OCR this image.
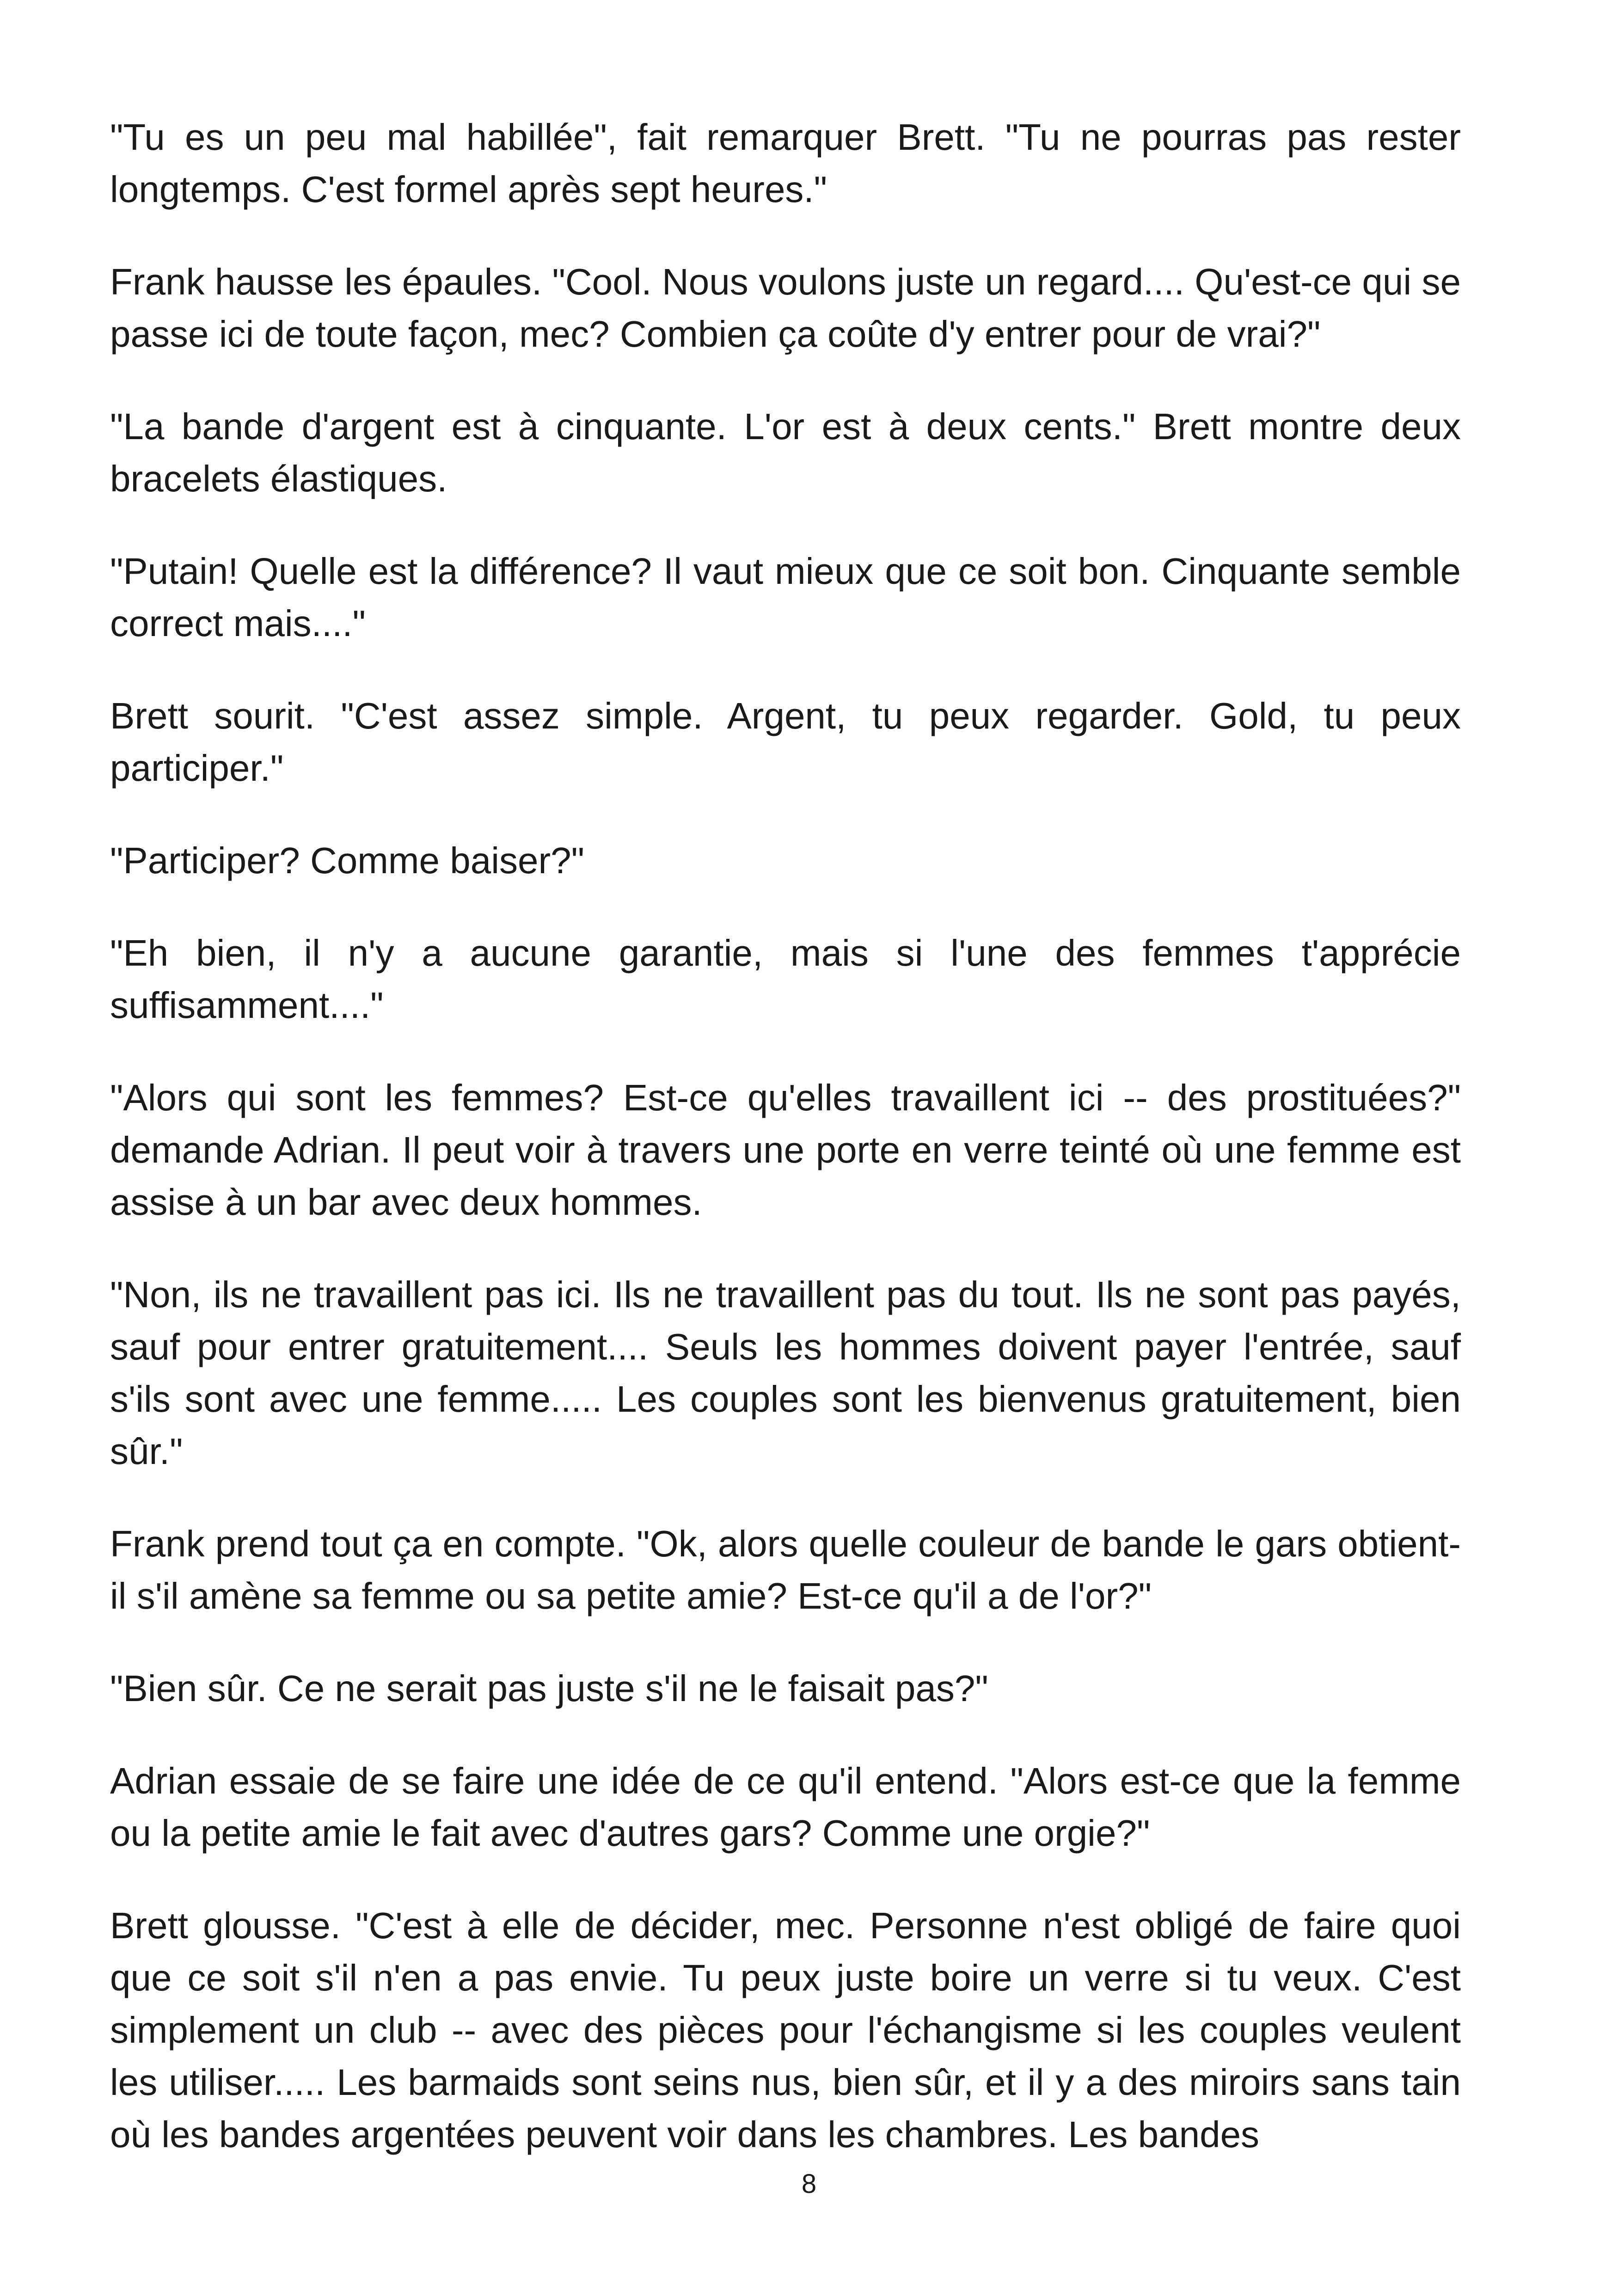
"Tu es un peu mal habillée", fait remarquer Brett. "Tu ne pourras pas rester longtemps. C'est formel après sept heures."

Frank hausse les épaules. "Cool. Nous voulons juste un regard.... Qu'est-ce qui se passe ici de toute façon, mec? Combien ça coûte d'y entrer pour de vrai?"

"La bande d'argent est à cinquante. L'or est à deux cents." Brett montre deux bracelets élastiques.

"Putain! Quelle est la différence? Il vaut mieux que ce soit bon. Cinquante semble correct mais...."

Brett sourit. "C'est assez simple. Argent, tu peux regarder. Gold, tu peux participer."

"Participer? Comme baiser?"

"Eh bien, il n'y a aucune garantie, mais si l'une des femmes t'apprécie suffisamment...."

"Alors qui sont les femmes? Est-ce qu'elles travaillent ici -- des prostituées?" demande Adrian. Il peut voir à travers une porte en verre teinté où une femme est assise à un bar avec deux hommes.

"Non, ils ne travaillent pas ici. Ils ne travaillent pas du tout. Ils ne sont pas payés, sauf pour entrer gratuitement.... Seuls les hommes doivent payer l'entrée, sauf s'ils sont avec une femme..... Les couples sont les bienvenus gratuitement, bien sûr."

Frank prend tout ça en compte. "Ok, alors quelle couleur de bande le gars obtient-il s'il amène sa femme ou sa petite amie? Est-ce qu'il a de l'or?"

"Bien sûr. Ce ne serait pas juste s'il ne le faisait pas?"

Adrian essaie de se faire une idée de ce qu'il entend. "Alors est-ce que la femme ou la petite amie le fait avec d'autres gars? Comme une orgie?"

Brett glousse. "C'est à elle de décider, mec. Personne n'est obligé de faire quoi que ce soit s'il n'en a pas envie. Tu peux juste boire un verre si tu veux. C'est simplement un club -- avec des pièces pour l'échangisme si les couples veulent les utiliser..... Les barmaids sont seins nus, bien sûr, et il y a des miroirs sans tain où les bandes argentées peuvent voir dans les chambres. Les bandes

8
